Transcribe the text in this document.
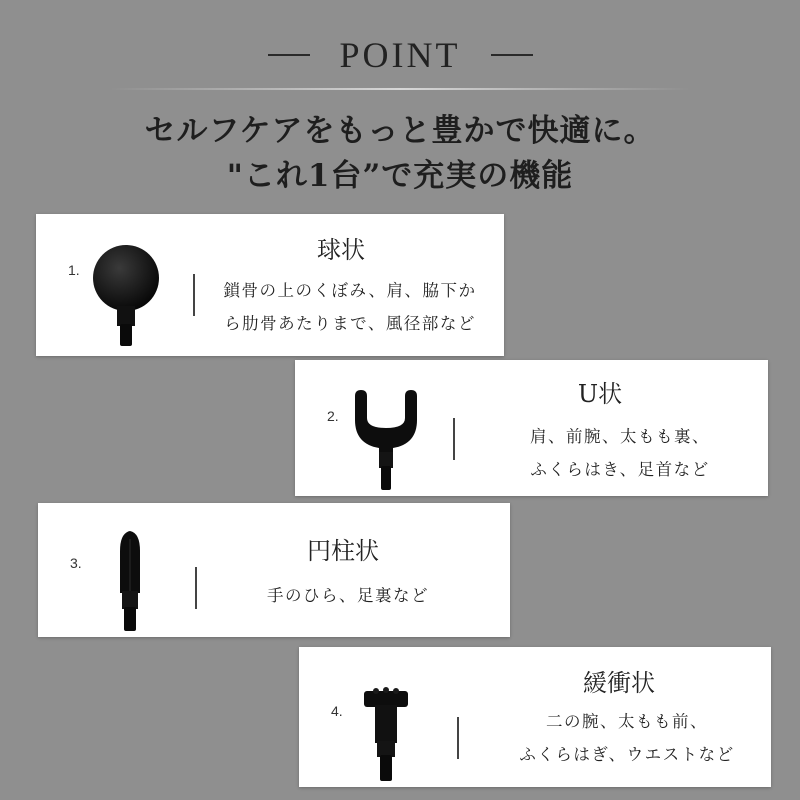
POINT
セルフケアをもっと豊かで快適に。
"これ1台”で充実の機能
1.
球状
鎖骨の上のくぼみ、肩、脇下か
ら肋骨あたりまで、風径部など
2.
U状
肩、前腕、太もも裏、
ふくらはき、足首など
3.	円柱状
手のひら、足裏など
4.
緩衝状
二の腕、太もも前、
ふくらはぎ、ウエストなど
